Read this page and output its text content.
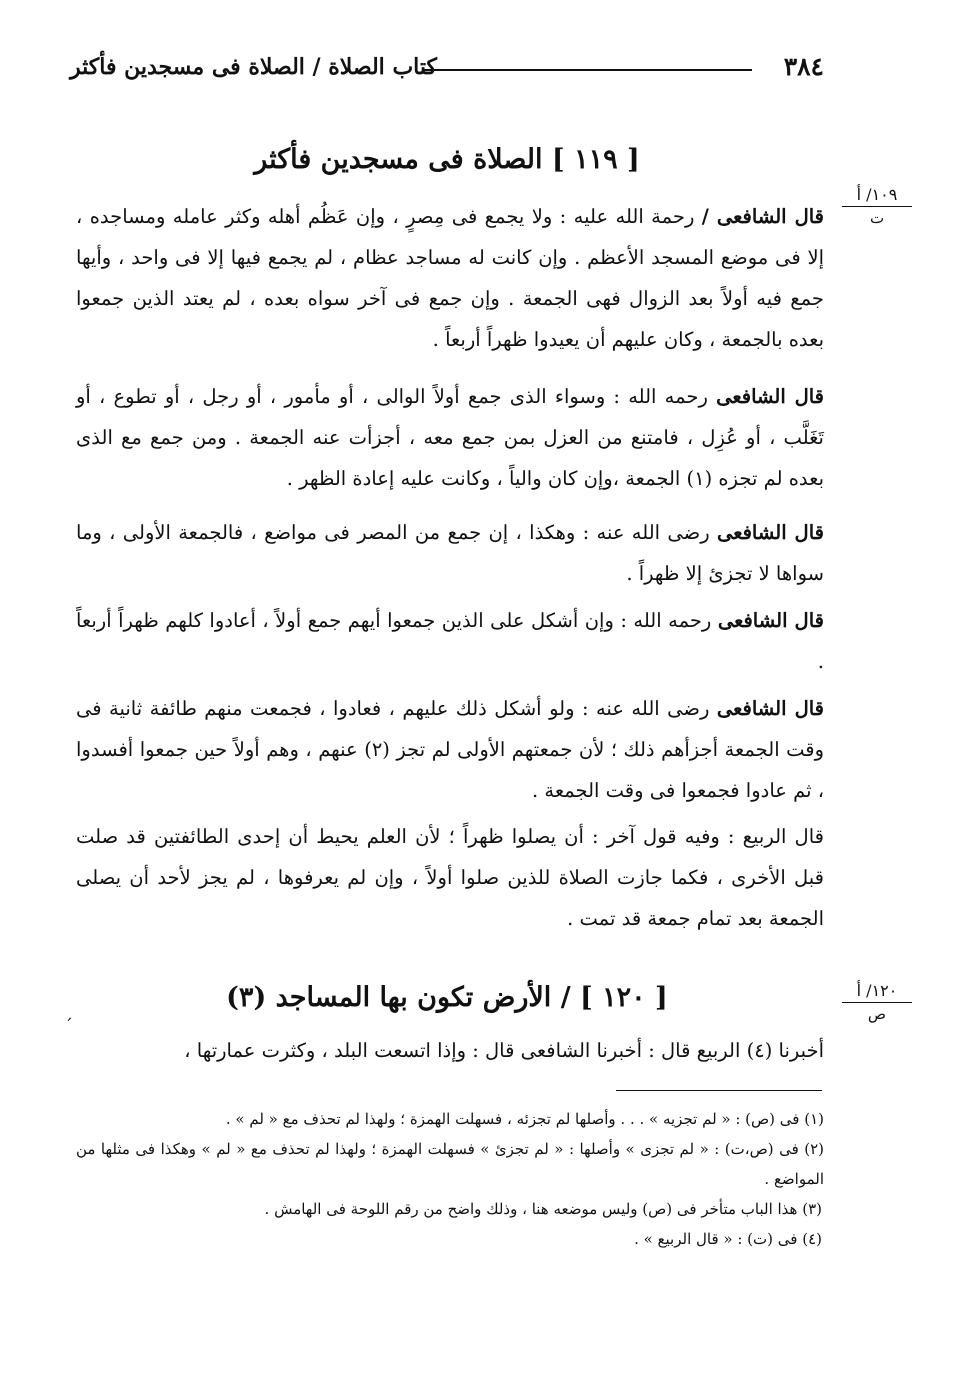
٣٨٤
كتاب الصلاة / الصلاة فى مسجدين فأكثر
١٠٩/ أ
ت
١٢٠/ أ
ص
[ ١١٩ ] الصلاة فى مسجدين فأكثر
قال الشافعى / رحمة الله عليه : ولا يجمع فى مِصرٍ ، وإن عَظُم أهله وكثر عامله ومساجده ، إلا فى موضع المسجد الأعظم . وإن كانت له مساجد عظام ، لم يجمع فيها إلا فى واحد ، وأيها جمع فيه أولاً بعد الزوال فهى الجمعة . وإن جمع فى آخر سواه بعده ، لم يعتد الذين جمعوا بعده بالجمعة ، وكان عليهم أن يعيدوا ظهراً أربعاً .
قال الشافعى رحمه الله : وسواء الذى جمع أولاً الوالى ، أو مأمور ، أو رجل ، أو تطوع ، أو تَغَلَّب ، أو عُزِل ، فامتنع من العزل بمن جمع معه ، أجزأت عنه الجمعة . ومن جمع مع الذى بعده لم تجزه (١) الجمعة ،وإن كان والياً ، وكانت عليه إعادة الظهر .
قال الشافعى رضى الله عنه : وهكذا ، إن جمع من المصر فى مواضع ، فالجمعة الأولى ، وما سواها لا تجزئ إلا ظهراً .
قال الشافعى رحمه الله : وإن أشكل على الذين جمعوا أيهم جمع أولاً ، أعادوا كلهم ظهراً أربعاً .
قال الشافعى رضى الله عنه : ولو أشكل ذلك عليهم ، فعادوا ، فجمعت منهم طائفة ثانية فى وقت الجمعة أجزأهم ذلك ؛ لأن جمعتهم الأولى لم تجز (٢) عنهم ، وهم أولاً حين جمعوا أفسدوا ، ثم عادوا فجمعوا فى وقت الجمعة .
قال الربيع : وفيه قول آخر : أن يصلوا ظهراً ؛ لأن العلم يحيط أن إحدى الطائفتين قد صلت قبل الأخرى ، فكما جازت الصلاة للذين صلوا أولاً ، وإن لم يعرفوها ، لم يجز لأحد أن يصلى الجمعة بعد تمام جمعة قد تمت .
[ ١٢٠ ] / الأرض تكون بها المساجد (٣)
´
أخبرنا (٤) الربيع قال : أخبرنا الشافعى قال : وإذا اتسعت البلد ، وكثرت عمارتها ،
(١) فى (ص) : « لم تجزيه » . . . وأصلها لم تجزئه ، فسهلت الهمزة ؛ ولهذا لم تحذف مع « لم » .
(٢) فى (ص،ت) : « لم تجزى » وأصلها : « لم تجزئ » فسهلت الهمزة ؛ ولهذا لم تحذف مع « لم » وهكذا فى مثلها من المواضع .
(٣) هذا الباب متأخر فى (ص) وليس موضعه هنا ، وذلك واضح من رقم اللوحة فى الهامش .
(٤) فى (ت) : « قال الربيع » .
